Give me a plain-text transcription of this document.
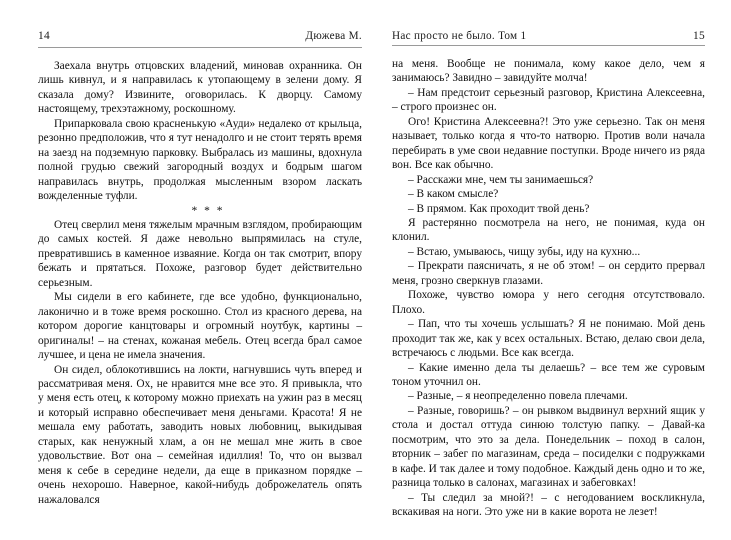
14	Дюжева М.

Заехала внутрь отцовских владений, миновав охранника. Он лишь кивнул, и я направилась к утопающему в зелени дому. Я сказала дому? Извините, оговорилась. К дворцу. Самому настоящему, трехэтажному, роскошному.

Припарковала свою красненькую «Ауди» недалеко от крыльца, резонно предположив, что я тут ненадолго и не стоит терять время на заезд на подземную парковку. Выбралась из машины, вдохнула полной грудью свежий загородный воздух и бодрым шагом направилась внутрь, продолжая мысленным взором ласкать вожделенные туфли.

* * *

Отец сверлил меня тяжелым мрачным взглядом, пробирающим до самых костей. Я даже невольно выпрямилась на стуле, превратившись в каменное изваяние. Когда он так смотрит, впору бежать и прятаться. Похоже, разговор будет действительно серьезным.

Мы сидели в его кабинете, где все удобно, функционально, лаконично и в тоже время роскошно. Стол из красного дерева, на котором дорогие канцтовары и огромный ноутбук, картины – оригиналы! – на стенах, кожаная мебель. Отец всегда брал самое лучшее, и цена не имела значения.

Он сидел, облокотившись на локти, нагнувшись чуть вперед и рассматривая меня. Ох, не нравится мне все это. Я привыкла, что у меня есть отец, к которому можно приехать на ужин раз в месяц и который исправно обеспечивает меня деньгами. Красота! Я не мешала ему работать, заводить новых любовниц, выкидывая старых, как ненужный хлам, а он не мешал мне жить в свое удовольствие. Вот она – семейная идиллия! То, что он вызвал меня к себе в середине недели, да еще в приказном порядке – очень нехорошо. Наверное, какой-нибудь доброжелатель опять нажаловался

Нас просто не было. Том 1	15

на меня. Вообще не понимала, кому какое дело, чем я занимаюсь? Завидно – завидуйте молча!

– Нам предстоит серьезный разговор, Кристина Алексеевна, – строго произнес он.

Ого! Кристина Алексеевна?! Это уже серьезно. Так он меня называет, только когда я что-то натворю. Против воли начала перебирать в уме свои недавние поступки. Вроде ничего из ряда вон. Все как обычно.

– Расскажи мне, чем ты занимаешься?

– В каком смысле?

– В прямом. Как проходит твой день?

Я растерянно посмотрела на него, не понимая, куда он клонил.

– Встаю, умываюсь, чищу зубы, иду на кухню...

– Прекрати паясничать, я не об этом! – он сердито прервал меня, грозно сверкнув глазами.

Похоже, чувство юмора у него сегодня отсутствовало. Плохо.

– Пап, что ты хочешь услышать? Я не понимаю. Мой день проходит так же, как у всех остальных. Встаю, делаю свои дела, встречаюсь с людьми. Все как всегда.

– Какие именно дела ты делаешь? – все тем же суровым тоном уточнил он.

– Разные, – я неопределенно повела плечами.

– Разные, говоришь? – он рывком выдвинул верхний ящик у стола и достал оттуда синюю толстую папку. – Давай-ка посмотрим, что это за дела. Понедельник – поход в салон, вторник – забег по магазинам, среда – посиделки с подружками в кафе. И так далее и тому подобное. Каждый день одно и то же, разница только в салонах, магазинах и забеговках!

– Ты следил за мной?! – с негодованием воскликнула, вскакивая на ноги. Это уже ни в какие ворота не лезет!
